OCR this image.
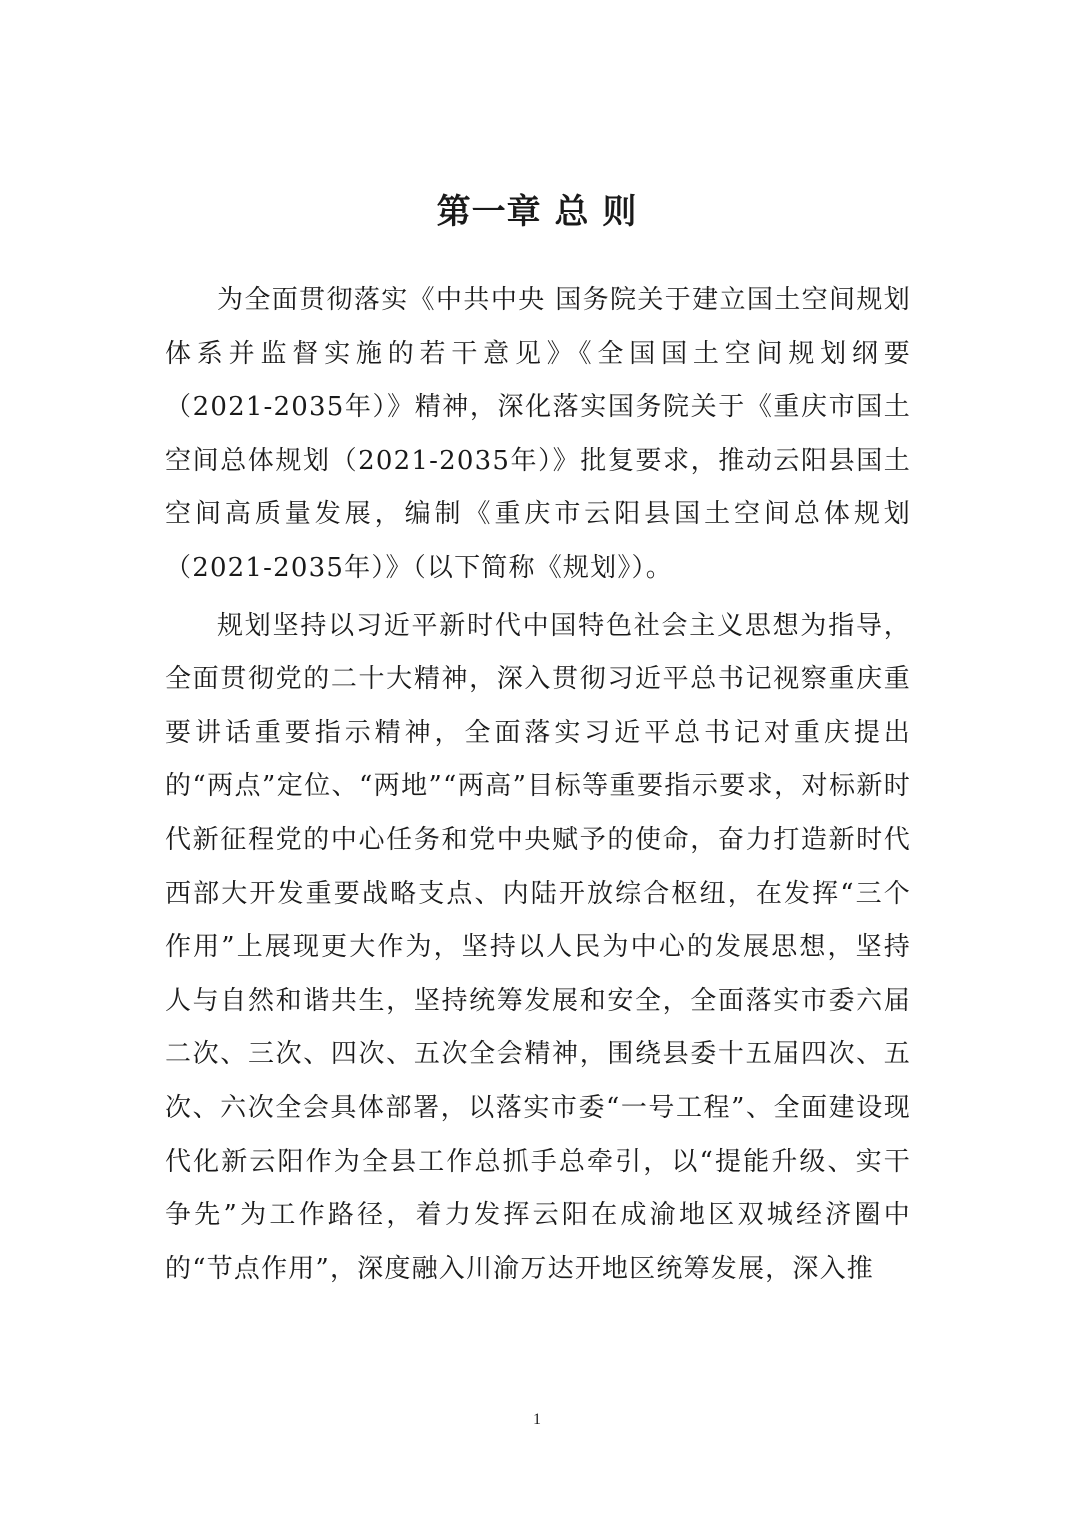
第一章 总 则

为全面贯彻落实《中共中央 国务院关于建立国土空间规划体系并监督实施的若干意见》《全国国土空间规划纲要（2021-2035年）》精神，深化落实国务院关于《重庆市国土空间总体规划（2021-2035年）》批复要求，推动云阳县国土空间高质量发展，编制《重庆市云阳县国土空间总体规划（2021-2035年）》（以下简称《规划》）。

规划坚持以习近平新时代中国特色社会主义思想为指导，全面贯彻党的二十大精神，深入贯彻习近平总书记视察重庆重要讲话重要指示精神，全面落实习近平总书记对重庆提出的“两点”定位、“两地”“两高”目标等重要指示要求，对标新时代新征程党的中心任务和党中央赋予的使命，奋力打造新时代西部大开发重要战略支点、内陆开放综合枢纽，在发挥“三个作用”上展现更大作为，坚持以人民为中心的发展思想，坚持人与自然和谐共生，坚持统筹发展和安全，全面落实市委六届二次、三次、四次、五次全会精神，围绕县委十五届四次、五次、六次全会具体部署，以落实市委“一号工程”、全面建设现代化新云阳作为全县工作总抓手总牵引，以“提能升级、实干争先”为工作路径，着力发挥云阳在成渝地区双城经济圈中的“节点作用”，深度融入川渝万达开地区统筹发展，深入推

1
